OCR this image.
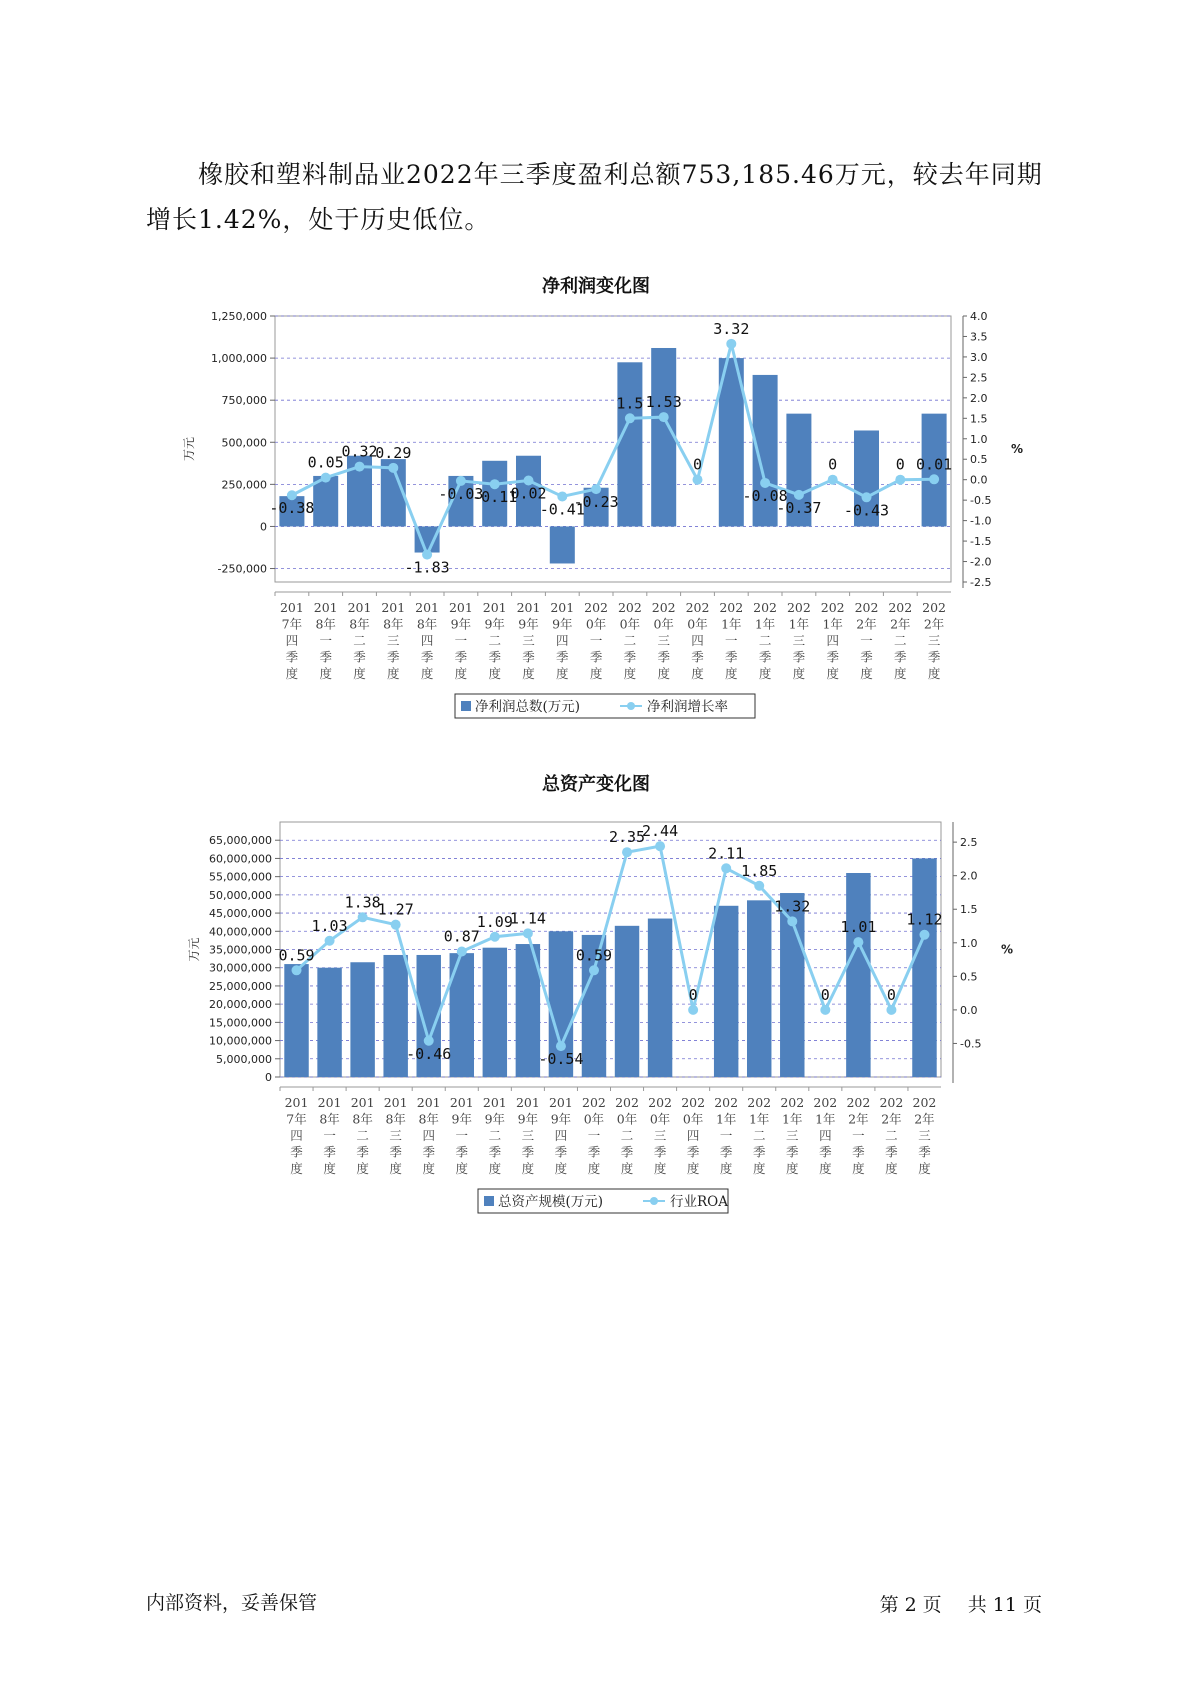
橡胶和塑料制品业2022年三季度盈利总额753,185.46万元，较去年同期增长1.42%，处于历史低位。

净利润变化图
1,250,000
1,000,000
750,000
500,000
250,000
0
-250,000
4.0
3.5
3.0
2.5
2.0
1.5
1.0
0.5
0.0
-0.5
-1.0
-1.5
-2.0
-2.5
万元	%
-0.38
0.05
0.32
0.29
-1.83
-0.03
-0.11
0.02
-0.41
-0.23
1.5 1.53
0
3.32
-0.08
-0.37
0
-0.43
0 0.01
201
7年
四
季
度
201
8年
一
季
度
201
8年
二
季
度
201
8年
三
季
度
201
8年
四
季
度
201
9年
一
季
度
201
9年
二
季
度
201
9年
三
季
度
201
9年
四
季
度
202
0年
一
季
度
202
0年
二
季
度
202
0年
三
季
度
202
0年
四
季
度
202
1年
一
季
度
202
1年
二
季
度
202
1年
三
季
度
202
1年
四
季
度
202
2年
一
季
度
202
2年
二
季
度
202
2年
三
季
度
净利润总数(万元)	净利润增长率
总资产变化图
65,000,000
60,000,000
55,000,000
50,000,000
45,000,000
40,000,000
35,000,000
30,000,000
25,000,000
20,000,000
15,000,000
10,000,000
5,000,000
0
2.5
2.0
1.5
1.0
0.5
0.0
-0.5
万元	%
0.59
1.03
1.38
1.27
-0.46
0.87
1.09
1.14
-0.54
0.59
2.35
2.44
0
2.11
1.85
1.32
0
1.01
0
1.12
201
7年
四
季
度
201
8年
一
季
度
201
8年
二
季
度
201
8年
三
季
度
201
8年
四
季
度
201
9年
一
季
度
201
9年
二
季
度
201
9年
三
季
度
201
9年
四
季
度
202
0年
一
季
度
202
0年
二
季
度
202
0年
三
季
度
202
0年
四
季
度
202
1年
一
季
度
202
1年
二
季
度
202
1年
三
季
度
202
1年
四
季
度
202
2年
一
季
度
202
2年
二
季
度
202
2年
三
季
度
总资产规模(万元)	行业ROA
内部资料，妥善保管	第 2 页 共 11 页
